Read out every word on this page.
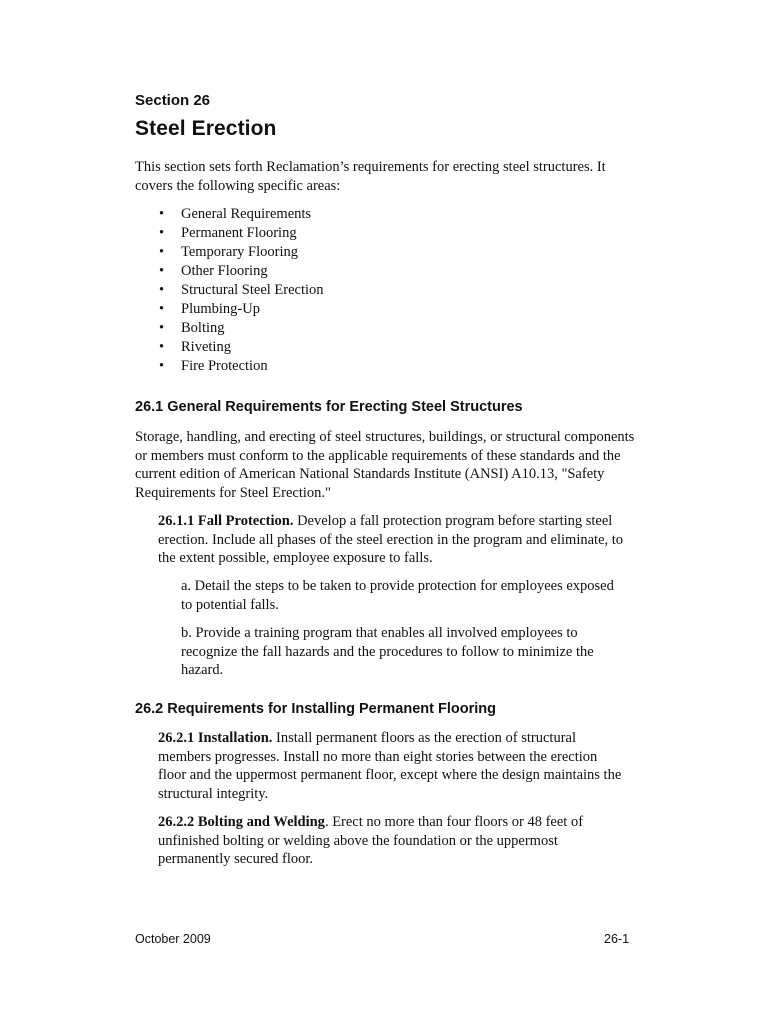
Section 26
Steel Erection
This section sets forth Reclamation’s requirements for erecting steel structures. It covers the following specific areas:
• General Requirements
• Permanent Flooring
• Temporary Flooring
• Other Flooring
• Structural Steel Erection
• Plumbing-Up
• Bolting
• Riveting
• Fire Protection
26.1 General Requirements for Erecting Steel Structures
Storage, handling, and erecting of steel structures, buildings, or structural components or members must conform to the applicable requirements of these standards and the current edition of American National Standards Institute (ANSI) A10.13, "Safety Requirements for Steel Erection."
26.1.1 Fall Protection. Develop a fall protection program before starting steel erection. Include all phases of the steel erection in the program and eliminate, to the extent possible, employee exposure to falls.
a. Detail the steps to be taken to provide protection for employees exposed to potential falls.
b. Provide a training program that enables all involved employees to recognize the fall hazards and the procedures to follow to minimize the hazard.
26.2 Requirements for Installing Permanent Flooring
26.2.1 Installation. Install permanent floors as the erection of structural members progresses. Install no more than eight stories between the erection floor and the uppermost permanent floor, except where the design maintains the structural integrity.
26.2.2 Bolting and Welding. Erect no more than four floors or 48 feet of unfinished bolting or welding above the foundation or the uppermost permanently secured floor.
October 2009	26-1
